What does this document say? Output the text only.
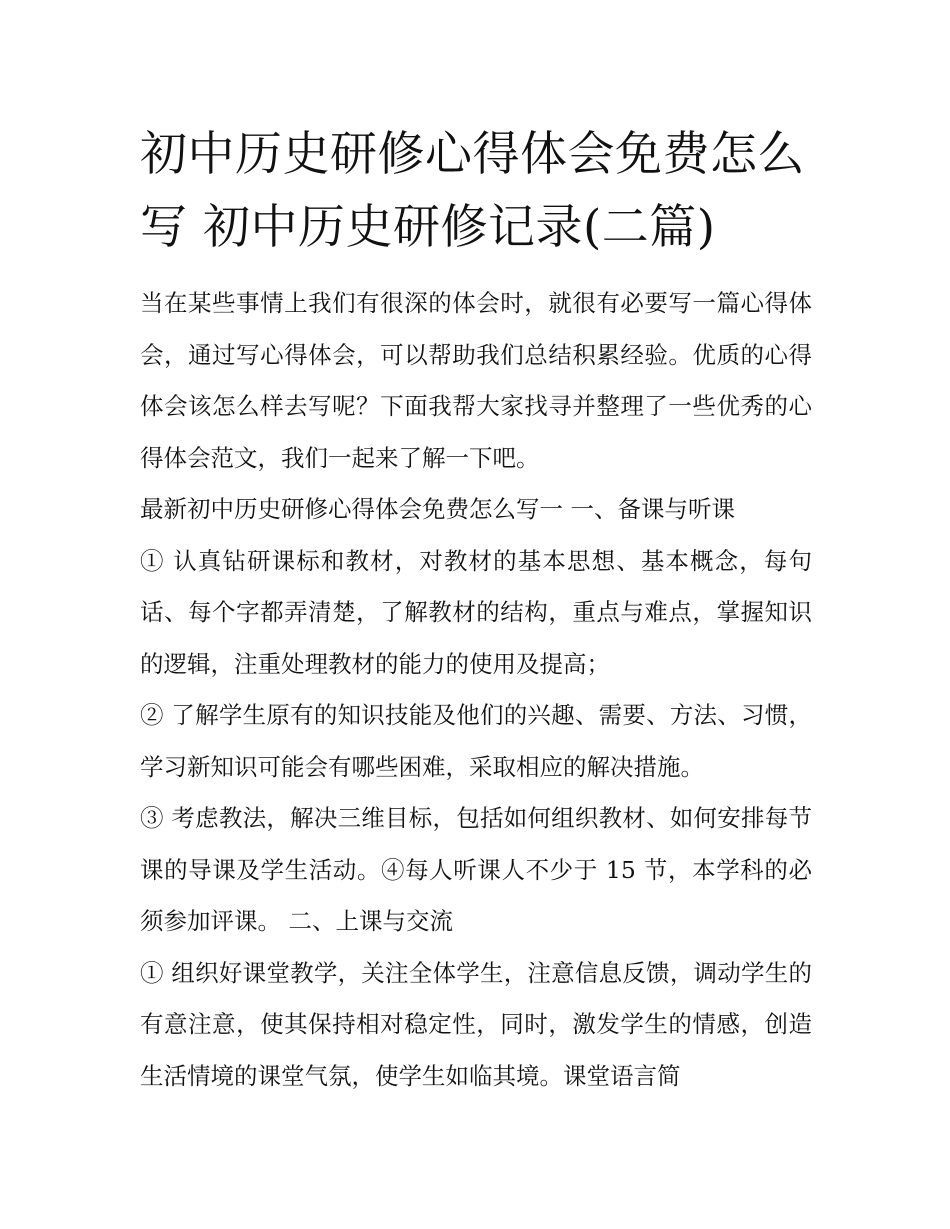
初中历史研修心得体会免费怎么写 初中历史研修记录(二篇)

当在某些事情上我们有很深的体会时，就很有必要写一篇心得体会，通过写心得体会，可以帮助我们总结积累经验。优质的心得体会该怎么样去写呢？下面我帮大家找寻并整理了一些优秀的心得体会范文，我们一起来了解一下吧。

最新初中历史研修心得体会免费怎么写一 一、备课与听课

① 认真钻研课标和教材，对教材的基本思想、基本概念，每句话、每个字都弄清楚，了解教材的结构，重点与难点，掌握知识的逻辑，注重处理教材的能力的使用及提高；

② 了解学生原有的知识技能及他们的兴趣、需要、方法、习惯，学习新知识可能会有哪些困难，采取相应的解决措施。

③ 考虑教法，解决三维目标，包括如何组织教材、如何安排每节课的导课及学生活动。④每人听课人不少于 15 节，本学科的必须参加评课。 二、上课与交流

① 组织好课堂教学，关注全体学生，注意信息反馈，调动学生的有意注意，使其保持相对稳定性，同时，激发学生的情感，创造生活情境的课堂气氛，使学生如临其境。课堂语言简
